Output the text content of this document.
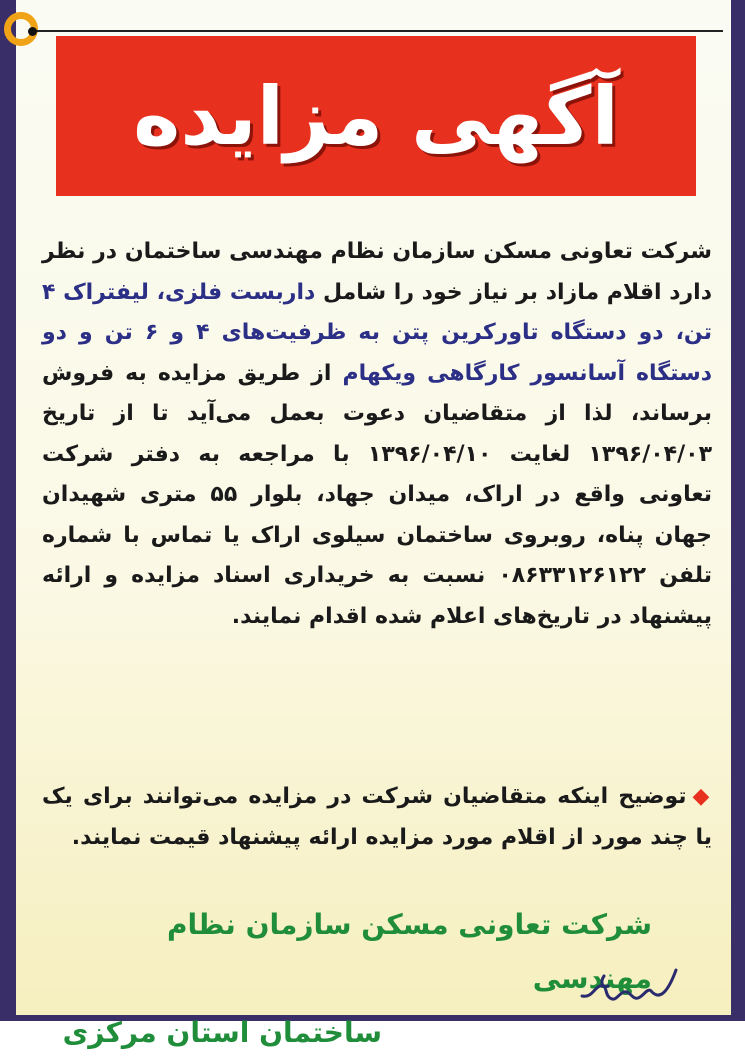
آگهی مزایده

شرکت تعاونی مسکن سازمان نظام مهندسی ساختمان در نظر دارد اقلام مازاد بر نیاز خود را شامل داربست فلزی، لیفتراک ۴ تن، دو دستگاه تاورکرین پتن به ظرفیت‌های ۴ و ۶ تن و دو دستگاه آسانسور کارگاهی ویکهام از طریق مزایده به فروش برساند، لذا از متقاضیان دعوت بعمل می‌آید تا از تاریخ ۱۳۹۶/۰۴/۰۳ لغایت ۱۳۹۶/۰۴/۱۰ با مراجعه به دفتر شرکت تعاونی واقع در اراک، میدان جهاد، بلوار ۵۵ متری شهیدان جهان پناه، روبروی ساختمان سیلوی اراک یا تماس با شماره تلفن ۰۸۶۳۳۱۲۶۱۲۲ نسبت به خریداری اسناد مزایده و ارائه پیشنهاد در تاریخ‌های اعلام شده اقدام نمایند.

◆توضیح اینکه متقاضیان شرکت در مزایده می‌توانند برای یک یا چند مورد از اقلام مورد مزایده ارائه پیشنهاد قیمت نمایند.

شرکت تعاونی مسکن سازمان نظام مهندسی
ساختمان استان مرکزی
